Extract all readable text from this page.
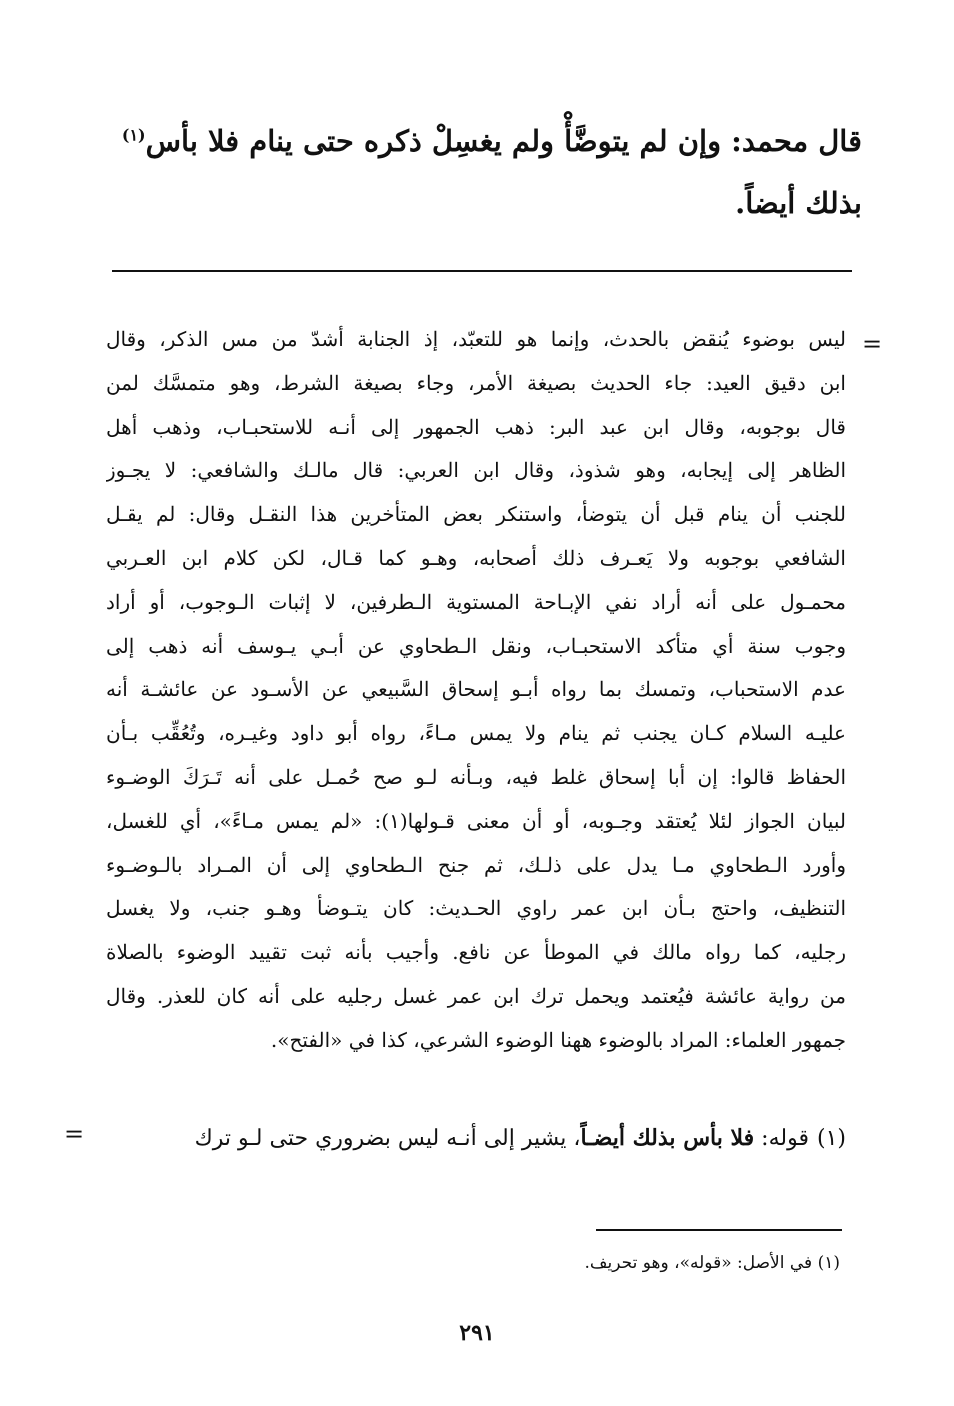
قال محمد: وإن لم يتوضَّأْ ولم يغسِلْ ذكره حتى ينام فلا بأس$^{(١)}$
بذلك أيضاً.
=
ليس بوضوء يُنقض بالحدث، وإنما هو للتعبّد، إذ الجنابة أشدّ من مس الذكر، وقال
ابن دقيق العيد: جاء الحديث بصيغة الأمر، وجاء بصيغة الشرط، وهو متمسَّك لمن
قال بوجوبه، وقال ابن عبد البر: ذهب الجمهور إلى أنـه للاستحبـاب، وذهب أهل
الظاهر إلى إيجابه، وهو شذوذ، وقال ابن العربي: قال مالـك والشافعي: لا يجـوز
للجنب أن ينام قبل أن يتوضأ، واستنكر بعض المتأخرين هذا النقـل وقال: لم يقـل
الشافعي بوجوبه ولا يَعـرف ذلك أصحابه، وهـو كما قـال، لكن كلام ابن العـربي
محمـول على أنه أراد نفي الإبـاحة المستوية الـطرفين، لا إثبات الـوجوب، أو أراد
وجوب سنة أي متأكد الاستحبـاب، ونقل الـطحاوي عن أبـي يـوسف أنه ذهب إلى
عدم الاستحباب، وتمسك بما رواه أبـو إسحاق السَّبيعي عن الأسـود عن عائشـة أنه
عليـه السلام كـان يجنب ثم ينام ولا يمس مـاءً، رواه أبو داود وغيـره، وتُعُقِّب بـأن
الحفاظ قالوا: إن أبا إسحاق غلط فيه، وبـأنه لـو صح حُمـل على أنه تَـرَكَ الوضـوء
لبيان الجواز لئلا يُعتقد وجـوبه، أو أن معنى قـولها(١): «لم يمس مـاءً»، أي للغسل،
وأورد الـطحاوي مـا يدل على ذلـك، ثم جنح الـطحاوي إلى أن المـراد بالـوضـوء
التنظيف، واحتج بـأن ابن عمر راوي الحـديث: كان يتـوضأ وهـو جنب، ولا يغسل
رجليه، كما رواه مالك في الموطأ عن نافع. وأجيب بأنه ثبت تقييد الوضوء بالصلاة
من رواية عائشة فيُعتمد ويحمل ترك ابن عمر غسل رجليه على أنه كان للعذر. وقال
جمهور العلماء: المراد بالوضوء ههنا الوضوء الشرعي، كذا في «الفتح».
(١)قوله: فلا بأس بذلك أيضـاً، يشير إلى أنـه ليس بضروري حتى لـو ترك
=
(١) في الأصل: «قوله»، وهو تحريف.
٢٩١
